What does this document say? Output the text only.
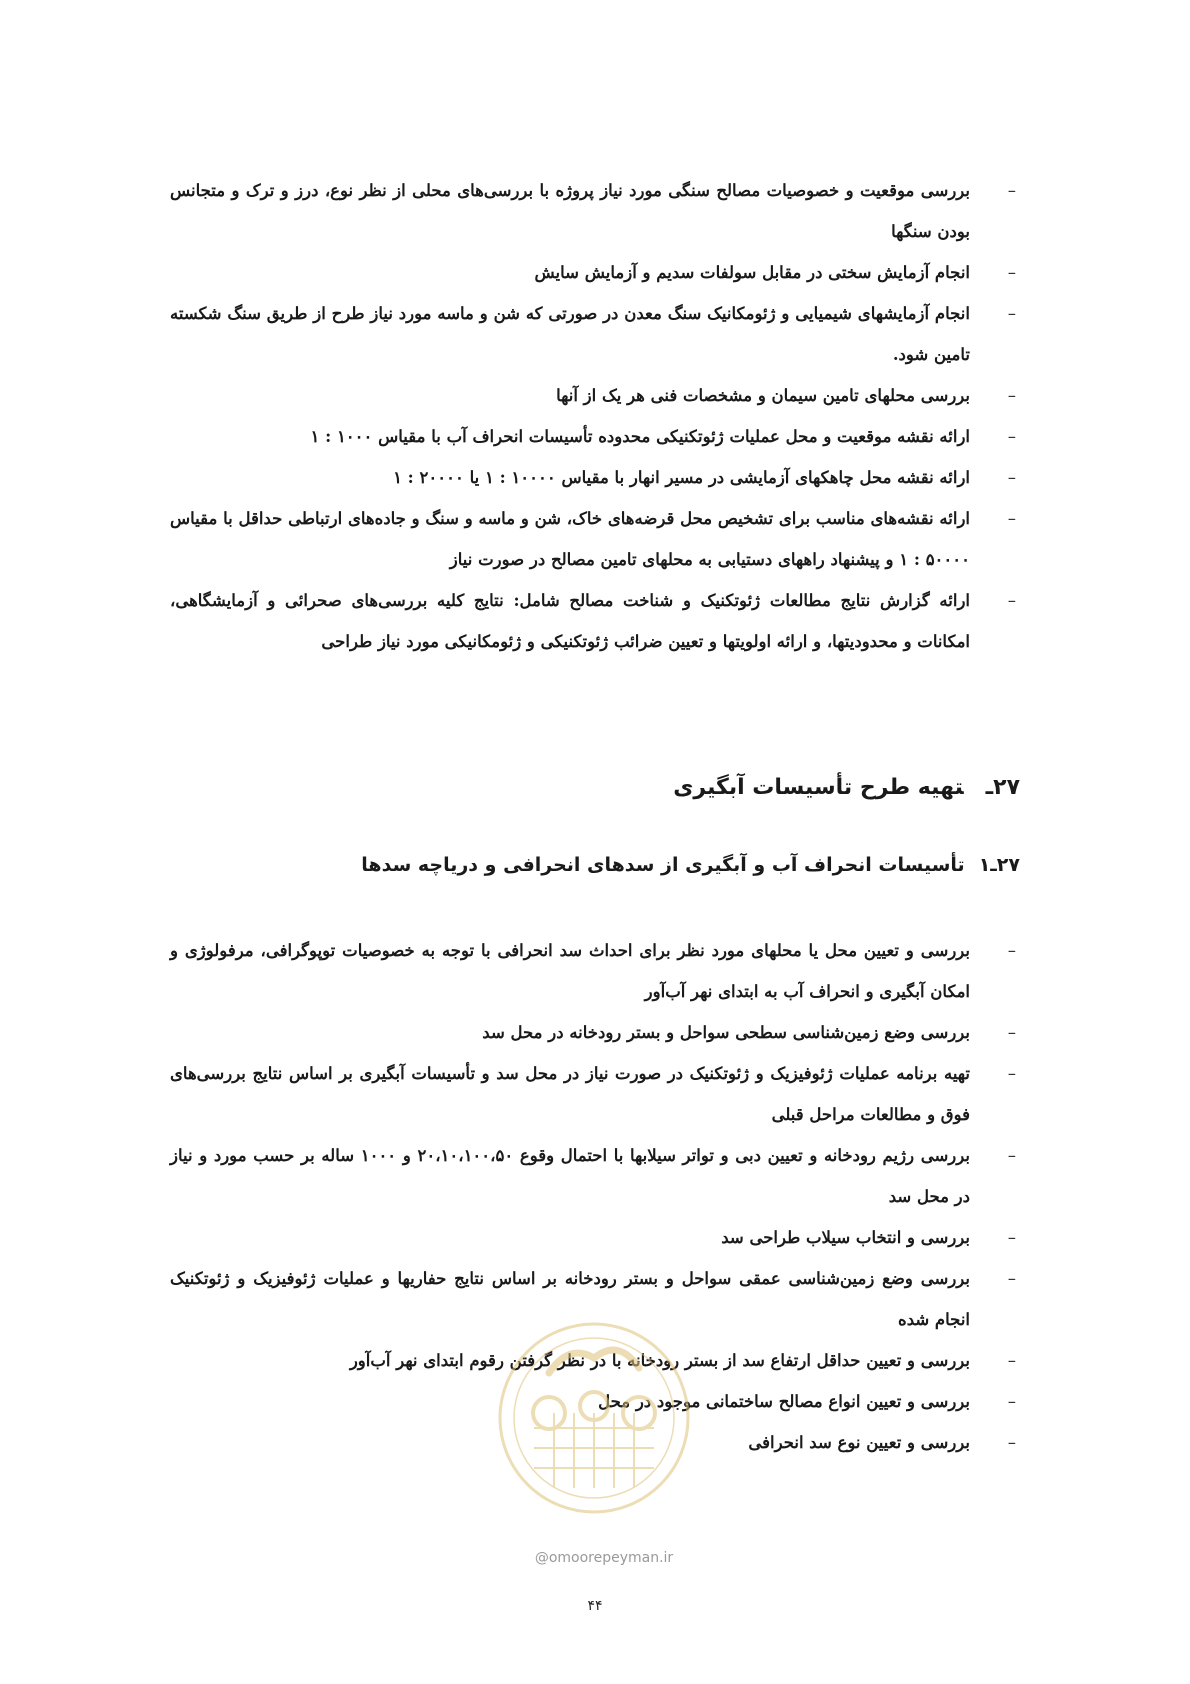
–
بررسی موقعیت و خصوصیات مصالح سنگی مورد نیاز پروژه با بررسی‌های محلی از نظر نوع، درز و ترک و متجانس بودن سنگها
–
انجام آزمایش سختی در مقابل سولفات سدیم و آزمایش سایش
–
انجام آزمایشهای شیمیایی و ژئومکانیک سنگ معدن در صورتی که شن و ماسه مورد نیاز طرح از طریق سنگ شکسته تامین شود.
–
بررسی محلهای تامین سیمان و مشخصات فنی هر یک از آنها
–
ارائه نقشه موقعیت و محل عملیات ژئوتکنیکی محدوده تأسیسات انحراف آب با مقیاس ۱۰۰۰ : ۱
–
ارائه نقشه محل چاهکهای آزمایشی در مسیر انهار با مقیاس ۱۰۰۰۰ : ۱ یا ۲۰۰۰۰ : ۱
–
ارائه نقشه‌های مناسب برای تشخیص محل قرضه‌های خاک، شن و ماسه و سنگ و جاده‌های ارتباطی حداقل با مقیاس ۵۰۰۰۰ : ۱ و پیشنهاد راههای دستیابی به محلهای تامین مصالح در صورت نیاز
–
ارائه گزارش نتایج مطالعات ژئوتکنیک و شناخت مصالح شامل: نتایج کلیه بررسی‌های صحرائی و آزمایشگاهی، امکانات و محدودیتها، و ارائه اولویتها و تعیین ضرائب ژئوتکنیکی و ژئومکانیکی مورد نیاز طراحی
۲۷ـتهیه طرح تأسیسات آبگیری
۲۷ـ۱تأسیسات انحراف آب و آبگیری از سدهای انحرافی و دریاچه سدها
–
بررسی و تعیین محل یا محلهای مورد نظر برای احداث سد انحرافی با توجه به خصوصیات توپوگرافی، مرفولوژی و امکان آبگیری و انحراف آب به ابتدای نهر آب‌آور
–
بررسی وضع زمین‌شناسی سطحی سواحل و بستر رودخانه در محل سد
–
تهیه برنامه عملیات ژئوفیزیک و ژئوتکنیک در صورت نیاز در محل سد و تأسیسات آبگیری بر اساس نتایج بررسی‌های فوق و مطالعات مراحل قبلی
–
بررسی رژیم رودخانه و تعیین دبی و تواتر سیلابها با احتمال وقوع ۲۰،۱۰،۱۰۰،۵۰ و ۱۰۰۰ ساله بر حسب مورد و نیاز در محل سد
–
بررسی و انتخاب سیلاب طراحی سد
–
بررسی وضع زمین‌شناسی عمقی سواحل و بستر رودخانه بر اساس نتایج حفاریها و عملیات ژئوفیزیک و ژئوتکنیک انجام شده
–
بررسی و تعیین حداقل ارتفاع سد از بستر رودخانه با در نظر گرفتن رقوم ابتدای نهر آب‌آور
–
بررسی و تعیین انواع مصالح ساختمانی موجود در محل
–
بررسی و تعیین نوع سد انحرافی
@omoorepeyman.ir
۴۴
